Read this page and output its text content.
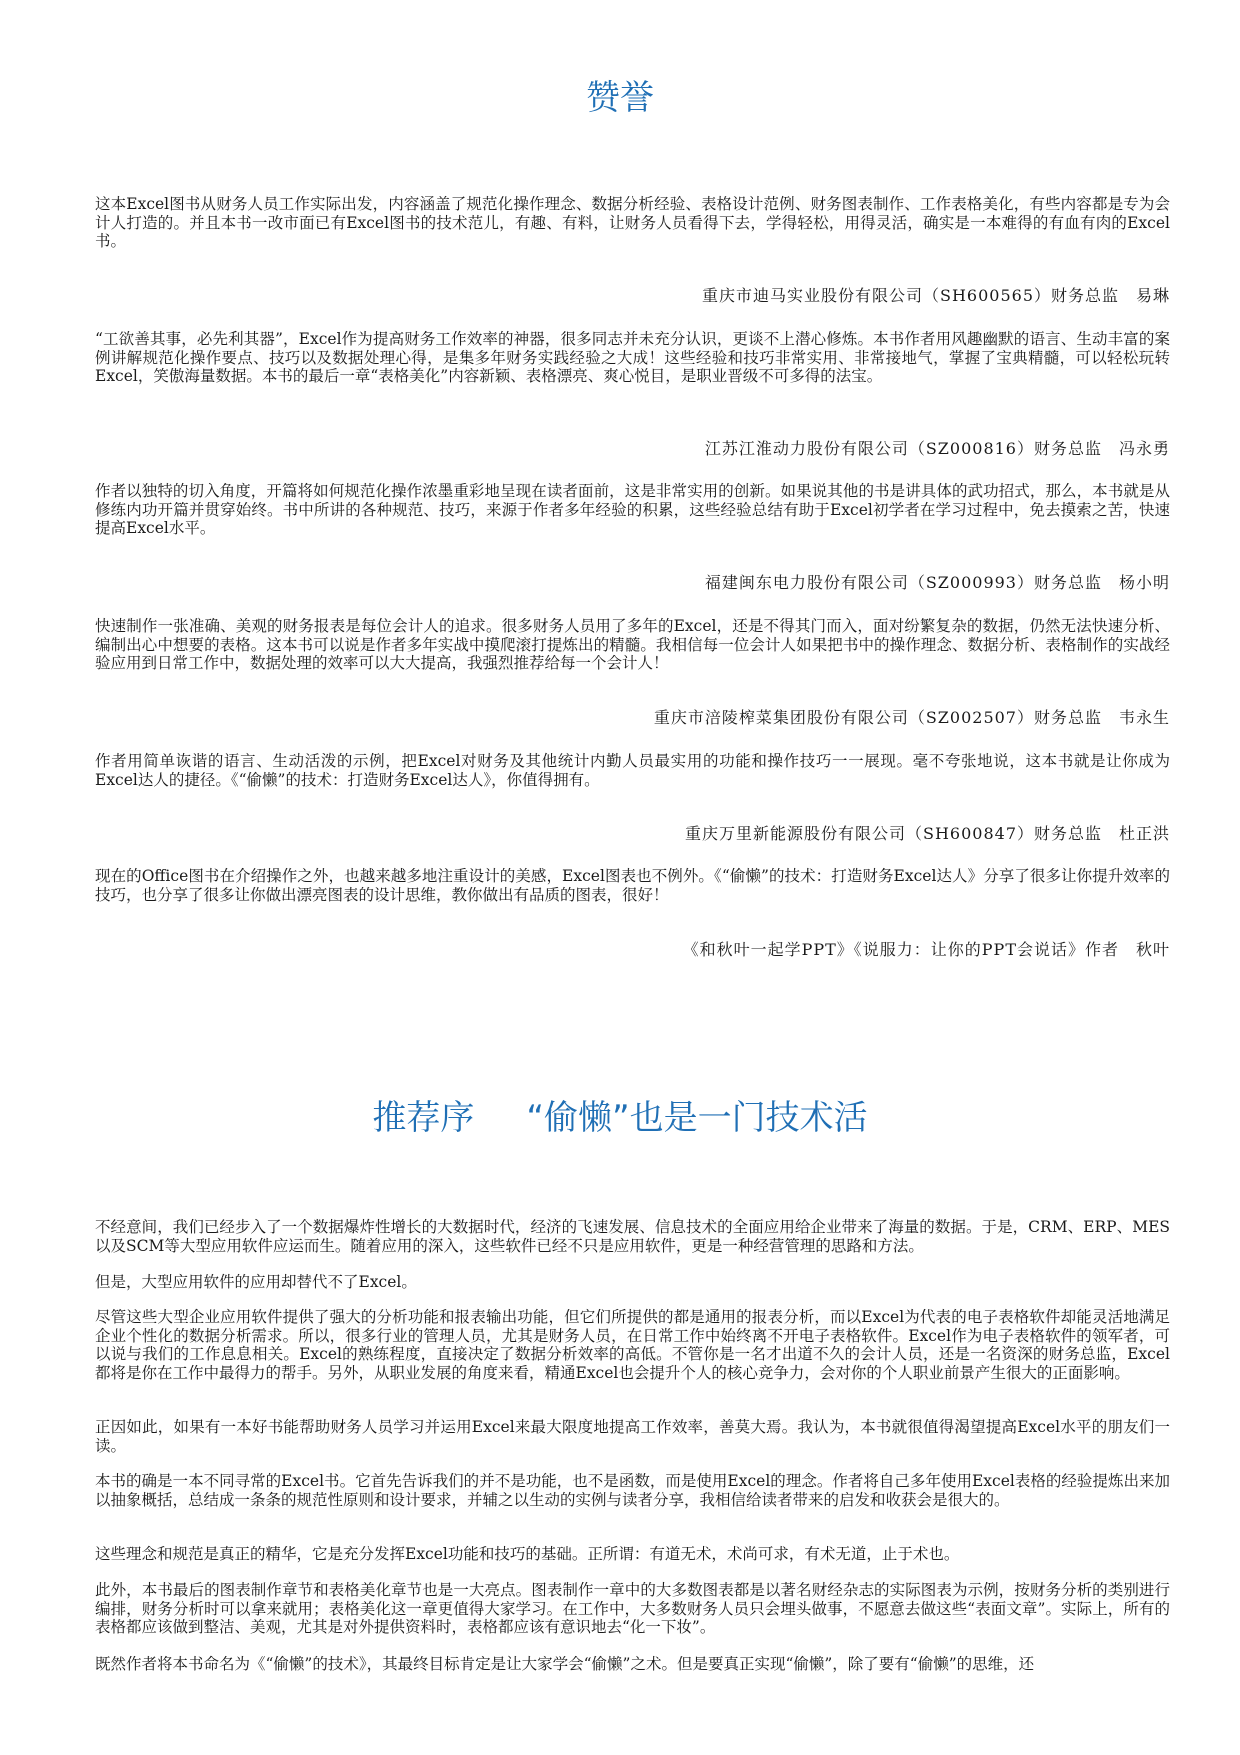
赞誉

这本Excel图书从财务人员工作实际出发，内容涵盖了规范化操作理念、数据分析经验、表格设计范例、财务图表制作、工作表格美化，有些内容都是专为会计人打造的。并且本书一改市面已有Excel图书的技术范儿，有趣、有料，让财务人员看得下去，学得轻松，用得灵活，确实是一本难得的有血有肉的Excel书。

重庆市迪马实业股份有限公司（SH600565）财务总监　易琳

“工欲善其事，必先利其器”，Excel作为提高财务工作效率的神器，很多同志并未充分认识，更谈不上潜心修炼。本书作者用风趣幽默的语言、生动丰富的案例讲解规范化操作要点、技巧以及数据处理心得，是集多年财务实践经验之大成！这些经验和技巧非常实用、非常接地气，掌握了宝典精髓，可以轻松玩转Excel，笑傲海量数据。本书的最后一章“表格美化”内容新颖、表格漂亮、爽心悦目，是职业晋级不可多得的法宝。

江苏江淮动力股份有限公司（SZ000816）财务总监　冯永勇

作者以独特的切入角度，开篇将如何规范化操作浓墨重彩地呈现在读者面前，这是非常实用的创新。如果说其他的书是讲具体的武功招式，那么，本书就是从修练内功开篇并贯穿始终。书中所讲的各种规范、技巧，来源于作者多年经验的积累，这些经验总结有助于Excel初学者在学习过程中，免去摸索之苦，快速提高Excel水平。

福建闽东电力股份有限公司（SZ000993）财务总监　杨小明

快速制作一张准确、美观的财务报表是每位会计人的追求。很多财务人员用了多年的Excel，还是不得其门而入，面对纷繁复杂的数据，仍然无法快速分析、编制出心中想要的表格。这本书可以说是作者多年实战中摸爬滚打提炼出的精髓。我相信每一位会计人如果把书中的操作理念、数据分析、表格制作的实战经验应用到日常工作中，数据处理的效率可以大大提高，我强烈推荐给每一个会计人！

重庆市涪陵榨菜集团股份有限公司（SZ002507）财务总监　韦永生

作者用简单诙谐的语言、生动活泼的示例，把Excel对财务及其他统计内勤人员最实用的功能和操作技巧一一展现。毫不夸张地说，这本书就是让你成为Excel达人的捷径。《“偷懒”的技术：打造财务Excel达人》，你值得拥有。

重庆万里新能源股份有限公司（SH600847）财务总监　杜正洪

现在的Office图书在介绍操作之外，也越来越多地注重设计的美感，Excel图表也不例外。《“偷懒”的技术：打造财务Excel达人》分享了很多让你提升效率的技巧，也分享了很多让你做出漂亮图表的设计思维，教你做出有品质的图表，很好！

《和秋叶一起学PPT》《说服力：让你的PPT会说话》作者　秋叶
推荐序 “偷懒”也是一门技术活

不经意间，我们已经步入了一个数据爆炸性增长的大数据时代，经济的飞速发展、信息技术的全面应用给企业带来了海量的数据。于是，CRM、ERP、MES以及SCM等大型应用软件应运而生。随着应用的深入，这些软件已经不只是应用软件，更是一种经营管理的思路和方法。

但是，大型应用软件的应用却替代不了Excel。

尽管这些大型企业应用软件提供了强大的分析功能和报表输出功能，但它们所提供的都是通用的报表分析，而以Excel为代表的电子表格软件却能灵活地满足企业个性化的数据分析需求。所以，很多行业的管理人员，尤其是财务人员，在日常工作中始终离不开电子表格软件。Excel作为电子表格软件的领军者，可以说与我们的工作息息相关。Excel的熟练程度，直接决定了数据分析效率的高低。不管你是一名才出道不久的会计人员，还是一名资深的财务总监，Excel都将是你在工作中最得力的帮手。另外，从职业发展的角度来看，精通Excel也会提升个人的核心竞争力，会对你的个人职业前景产生很大的正面影响。

正因如此，如果有一本好书能帮助财务人员学习并运用Excel来最大限度地提高工作效率，善莫大焉。我认为，本书就很值得渴望提高Excel水平的朋友们一读。

本书的确是一本不同寻常的Excel书。它首先告诉我们的并不是功能，也不是函数，而是使用Excel的理念。作者将自己多年使用Excel表格的经验提炼出来加以抽象概括，总结成一条条的规范性原则和设计要求，并辅之以生动的实例与读者分享，我相信给读者带来的启发和收获会是很大的。

这些理念和规范是真正的精华，它是充分发挥Excel功能和技巧的基础。正所谓：有道无术，术尚可求，有术无道，止于术也。

此外，本书最后的图表制作章节和表格美化章节也是一大亮点。图表制作一章中的大多数图表都是以著名财经杂志的实际图表为示例，按财务分析的类别进行编排，财务分析时可以拿来就用；表格美化这一章更值得大家学习。在工作中，大多数财务人员只会埋头做事，不愿意去做这些“表面文章”。实际上，所有的表格都应该做到整洁、美观，尤其是对外提供资料时，表格都应该有意识地去“化一下妆”。

既然作者将本书命名为《“偷懒”的技术》，其最终目标肯定是让大家学会“偷懒”之术。但是要真正实现“偷懒”，除了要有“偷懒”的思维，还
